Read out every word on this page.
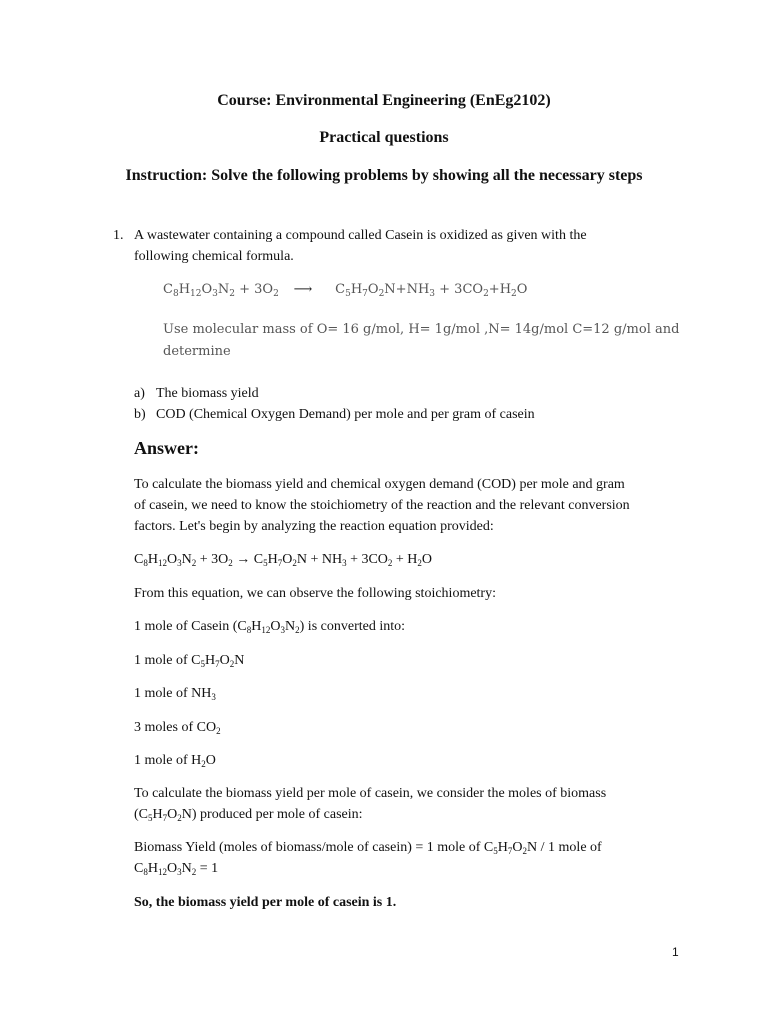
Course: Environmental Engineering (EnEg2102)
Practical questions
Instruction: Solve the following problems by showing all the necessary steps
1. A wastewater containing a compound called Casein is oxidized as given with the
following chemical formula.
$C_8H_{12}O_3N_2 + 3O_2$ ⟶ $C_5H_7O_2N+NH_3 + 3CO_2+H_2O$
Use molecular mass of O= 16 g/mol, H= 1g/mol ,N= 14g/mol C=12 g/mol and
determine
a) The biomass yield
b) COD (Chemical Oxygen Demand) per mole and per gram of casein
Answer:
To calculate the biomass yield and chemical oxygen demand (COD) per mole and gram
of casein, we need to know the stoichiometry of the reaction and the relevant conversion
factors. Let's begin by analyzing the reaction equation provided:
$C_8H_{12}O_3N_2 + 3O_2 \to C_5H_7O_2N + NH_3 + 3CO_2 + H_2O$
From this equation, we can observe the following stoichiometry:
1 mole of Casein $(C_8H_{12}O_3N_2)$ is converted into:
1 mole of $C_5H_7O_2N$
1 mole of $NH_3$
3 moles of $CO_2$
1 mole of $H_2O$
To calculate the biomass yield per mole of casein, we consider the moles of biomass
$(C_5H_7O_2N)$ produced per mole of casein:
Biomass Yield (moles of biomass/mole of casein) = 1 mole of $C_5H_7O_2N / 1$ mole of
$C_8H_{12}O_3N_2 = 1$
So, the biomass yield per mole of casein is 1.
1
